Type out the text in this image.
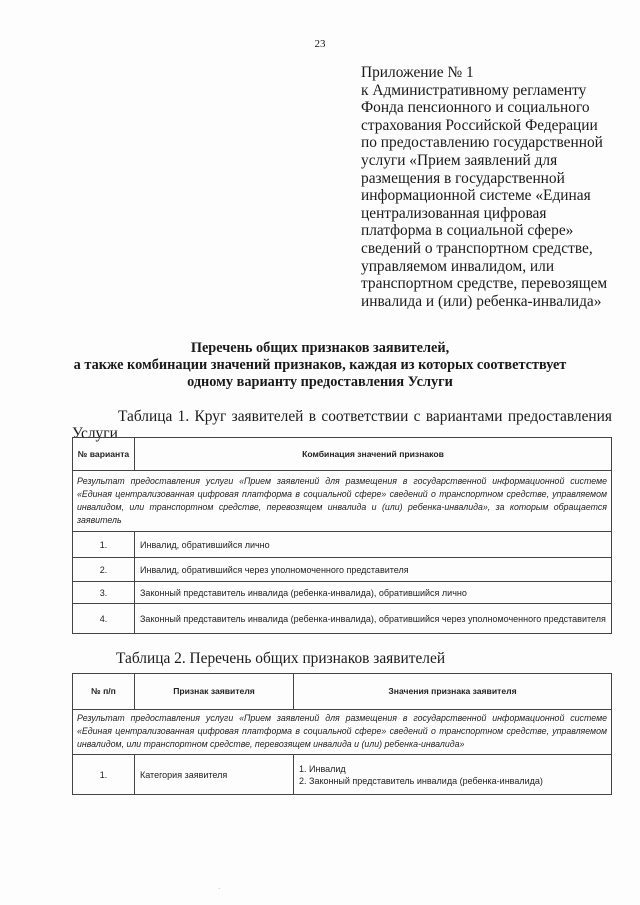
23
Приложение № 1
к Административному регламенту
Фонда пенсионного и социального
страхования Российской Федерации
по предоставлению государственной
услуги «Прием заявлений для
размещения в государственной
информационной системе «Единая
централизованная цифровая
платформа в социальной сфере»
сведений о транспортном средстве,
управляемом инвалидом, или
транспортном средстве, перевозящем
инвалида и (или) ребенка-инвалида»
Перечень общих признаков заявителей,
а также комбинации значений признаков, каждая из которых соответствует
одному варианту предоставления Услуги
Таблица 1. Круг заявителей в соответствии с вариантами предоставления
Услуги
№ варианта	Комбинация значений признаков
Результат предоставления услуги «Прием заявлений для размещения в государственной информационной системе «Единая централизованная цифровая платформа в социальной сфере» сведений о транспортном средстве, управляемом инвалидом, или транспортном средстве, перевозящем инвалида и (или) ребенка-инвалида», за которым обращается заявитель	
1.	Инвалид, обратившийся лично
2.	Инвалид, обратившийся через уполномоченного представителя
3.	Законный представитель инвалида (ребенка-инвалида), обратившийся лично
4.	Законный представитель инвалида (ребенка-инвалида), обратившийся через уполномоченного представителя
Таблица 2. Перечень общих признаков заявителей
№ п/п	Признак заявителя	Значения признака заявителя
Результат предоставления услуги «Прием заявлений для размещения в государственной информационной системе «Единая централизованная цифровая платформа в социальной сфере» сведений о транспортном средстве, управляемом инвалидом, или транспортном средстве, перевозящем инвалида и (или) ребенка-инвалида»		
1.	Категория заявителя	1. Инвалид
2. Законный представитель инвалида (ребенка-инвалида)
·
